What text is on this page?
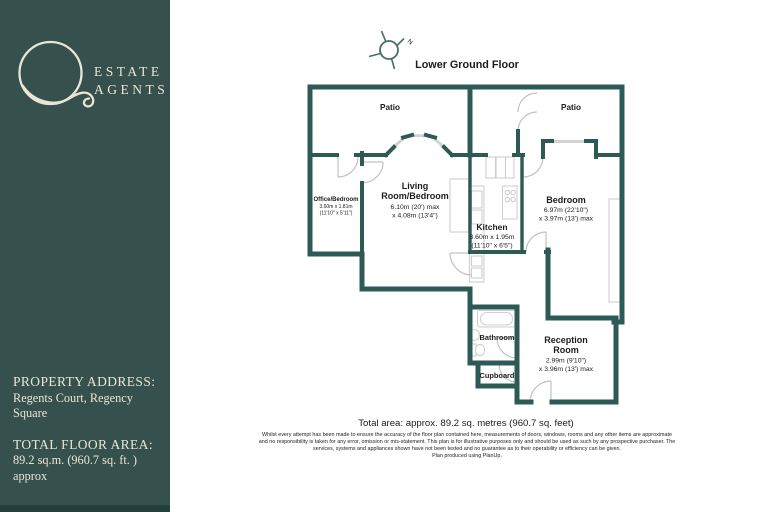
ESTATE
AGENTS
PROPERTY ADDRESS:
Regents Court, Regency Square
TOTAL FLOOR AREA:
89.2 sq.m. (960.7 sq. ft. ) approx
N
Lower Ground Floor
Patio	Patio
Office/Bedroom
3.60m x 1.81m
(11'10" x 5'11")
Living
Room/Bedroom
6.10m (20') max
x 4.08m (13'4")
Kitchen
3.60m x 1.95m
(11'10" x 6'5")
Bedroom
6.97m (22'10")
x 3.97m (13') max
Bathroom
Cupboard
Reception
Room
2.99m (9'10")
x 3.96m (13') max
Total area: approx. 89.2 sq. metres (960.7 sq. feet)
Whilst every attempt has been made to ensure the accuracy of the floor plan contained here, measurements of doors, windows, rooms and any other items are approximate
and no responsibility is taken for any error, omission or mis-statement. This plan is for illustrative purposes only and should be used as such by any prospective purchaser. The
services, systems and appliances shown have not been tested and no guarantee as to their operability or efficiency can be given.
Plan produced using PlanUp.
